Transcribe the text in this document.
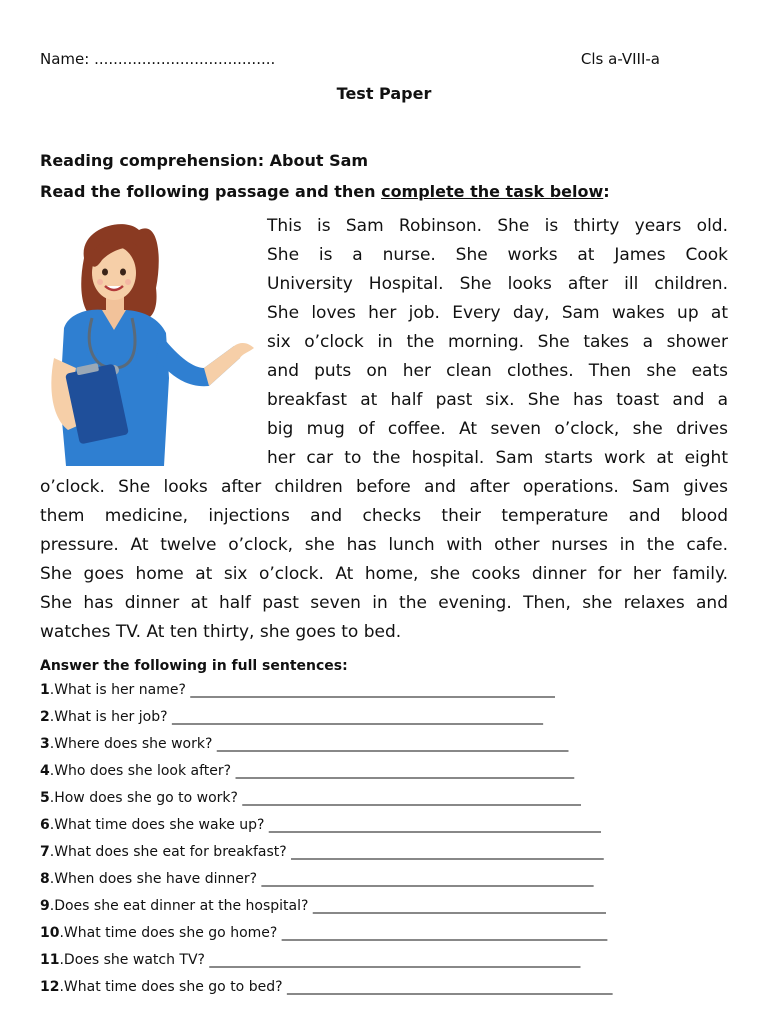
Name: ......................................	Cls a-VIII-a
Test Paper
Reading comprehension: About Sam
Read the following passage and then complete the task below:
This is Sam Robinson. She is thirty years old.
She is a nurse. She works at James Cook
University Hospital. She looks after ill children.
She loves her job. Every day, Sam wakes up at
six o’clock in the morning. She takes a shower
and puts on her clean clothes. Then she eats
breakfast at half past six. She has toast and a
big mug of coffee. At seven o’clock, she drives
her car to the hospital. Sam starts work at eight
o’clock. She looks after children before and after operations. Sam gives
them medicine, injections and checks their temperature and blood
pressure. At twelve o’clock, she has lunch with other nurses in the cafe.
She goes home at six o’clock. At home, she cooks dinner for her family.
She has dinner at half past seven in the evening. Then, she relaxes and
watches TV. At ten thirty, she goes to bed.
Answer the following in full sentences:
1.What is her name? ________________________________________________________
2.What is her job? _________________________________________________________
3.Where does she work? ______________________________________________________
4.Who does she look after? ____________________________________________________
5.How does she go to work? ____________________________________________________
6.What time does she wake up? ___________________________________________________
7.What does she eat for breakfast? ________________________________________________
8.When does she have dinner? ___________________________________________________
9.Does she eat dinner at the hospital? _____________________________________________
10.What time does she go home? __________________________________________________
11.Does she watch TV? _________________________________________________________
12.What time does she go to bed? __________________________________________________
